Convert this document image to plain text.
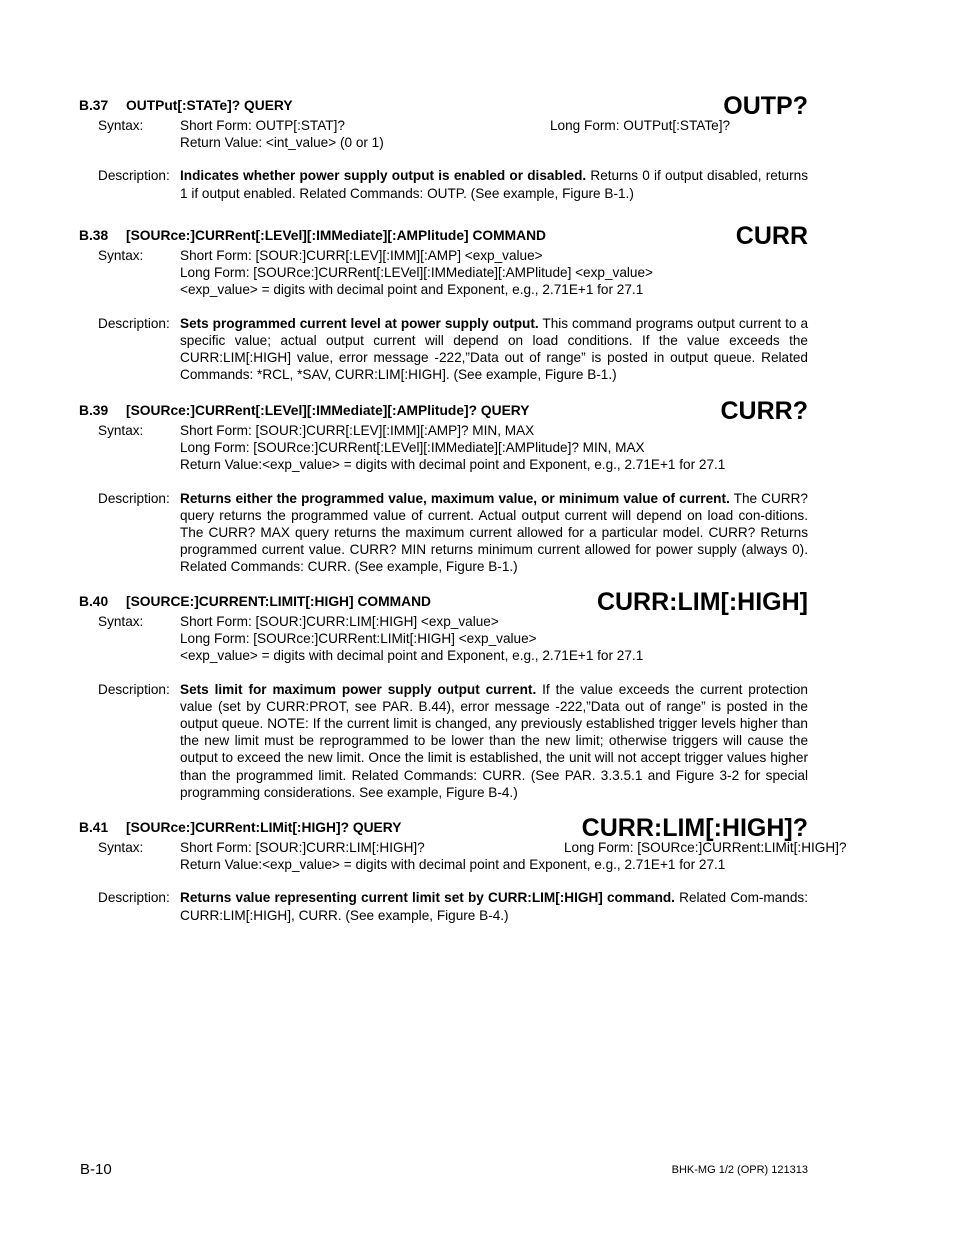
B.37 OUTPut[:STATe]? QUERY	OUTP?
Syntax:	Short Form: OUTP[:STAT]?	Long Form: OUTPut[:STATe]?
Return Value: <int_value> (0 or 1)
Description: Indicates whether power supply output is enabled or disabled. Returns 0 if output disabled, returns 1 if output enabled. Related Commands: OUTP. (See example, Figure B-1.)
B.38 [SOURce:]CURRent[:LEVel][:IMMediate][:AMPlitude] COMMAND	CURR
Syntax:	Short Form: [SOUR:]CURR[:LEV][:IMM][:AMP] <exp_value>
Long Form: [SOURce:]CURRent[:LEVel][:IMMediate][:AMPlitude] <exp_value>
<exp_value> = digits with decimal point and Exponent, e.g., 2.71E+1 for 27.1
Description: Sets programmed current level at power supply output. This command programs output current to a specific value; actual output current will depend on load conditions. If the value exceeds the CURR:LIM[:HIGH] value, error message -222,”Data out of range” is posted in output queue. Related Commands: *RCL, *SAV, CURR:LIM[:HIGH]. (See example, Figure B-1.)
B.39 [SOURce:]CURRent[:LEVel][:IMMediate][:AMPlitude]? QUERY	CURR?
Syntax:	Short Form: [SOUR:]CURR[:LEV][:IMM][:AMP]? MIN, MAX
Long Form: [SOURce:]CURRent[:LEVel][:IMMediate][:AMPlitude]? MIN, MAX
Return Value:<exp_value> = digits with decimal point and Exponent, e.g., 2.71E+1 for 27.1
Description: Returns either the programmed value, maximum value, or minimum value of current. The CURR? query returns the programmed value of current. Actual output current will depend on load con-ditions. The CURR? MAX query returns the maximum current allowed for a particular model. CURR? Returns programmed current value. CURR? MIN returns minimum current allowed for power supply (always 0). Related Commands: CURR. (See example, Figure B-1.)
B.40 [SOURCE:]CURRENT:LIMIT[:HIGH] COMMAND	CURR:LIM[:HIGH]
Syntax:	Short Form: [SOUR:]CURR:LIM[:HIGH] <exp_value>
Long Form: [SOURce:]CURRent:LIMit[:HIGH] <exp_value>
<exp_value> = digits with decimal point and Exponent, e.g., 2.71E+1 for 27.1
Description: Sets limit for maximum power supply output current. If the value exceeds the current protection value (set by CURR:PROT, see PAR. B.44), error message -222,”Data out of range” is posted in the output queue. NOTE: If the current limit is changed, any previously established trigger levels higher than the new limit must be reprogrammed to be lower than the new limit; otherwise triggers will cause the output to exceed the new limit. Once the limit is established, the unit will not accept trigger values higher than the programmed limit. Related Commands: CURR. (See PAR. 3.3.5.1 and Figure 3-2 for special programming considerations. See example, Figure B-4.)
B.41 [SOURce:]CURRent:LIMit[:HIGH]? QUERY	CURR:LIM[:HIGH]?
Syntax:	Short Form: [SOUR:]CURR:LIM[:HIGH]?	Long Form: [SOURce:]CURRent:LIMit[:HIGH]?
Return Value:<exp_value> = digits with decimal point and Exponent, e.g., 2.71E+1 for 27.1
Description: Returns value representing current limit set by CURR:LIM[:HIGH] command. Related Com-mands: CURR:LIM[:HIGH], CURR. (See example, Figure B-4.)
B-10	BHK-MG 1/2 (OPR) 121313
